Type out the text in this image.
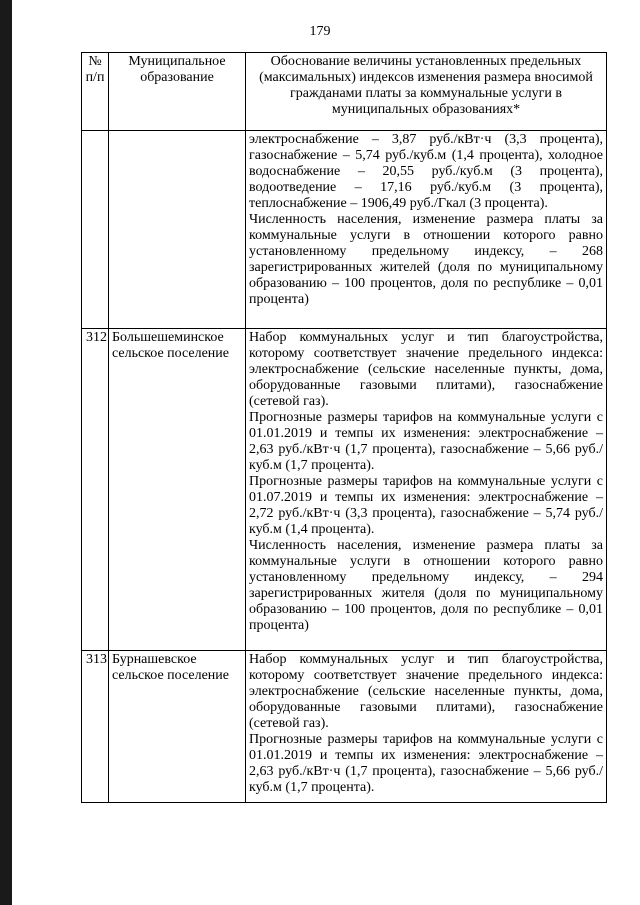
179
№ п/п	Муниципальное образование	Обоснование величины установленных предельных (максимальных) индексов изменения размера вносимой гражданами платы за коммунальные услуги в муниципальных образованиях*

		электроснабжение – 3,87 руб./кВт·ч (3,3 процента), газоснабжение – 5,74 руб./куб.м (1,4 процента), холодное водоснабжение – 20,55 руб./куб.м (3 процента), водоотведение – 17,16 руб./куб.м (3 процента), теплоснабжение – 1906,49 руб./Гкал (3 процента).

Численность населения, изменение размера платы за коммунальные услуги в отношении которого равно установленному предельному индексу, – 268 зарегистрированных жителей (доля по муниципальному образованию – 100 процентов, доля по республике – 0,01 процента)

312	Большешеминское сельское поселение	Набор коммунальных услуг и тип благоустройства, которому соответствует значение предельного индекса: электроснабжение (сельские населенные пункты, дома, оборудованные газовыми плитами), газоснабжение (сетевой газ).

Прогнозные размеры тарифов на коммунальные услуги с 01.01.2019 и темпы их изменения: электроснабжение – 2,63 руб./кВт·ч (1,7 процента), газоснабжение – 5,66 руб./куб.м (1,7 процента).

Прогнозные размеры тарифов на коммунальные услуги с 01.07.2019 и темпы их изменения: электроснабжение – 2,72 руб./кВт·ч (3,3 процента), газоснабжение – 5,74 руб./куб.м (1,4 процента).

Численность населения, изменение размера платы за коммунальные услуги в отношении которого равно установленному предельному индексу, – 294 зарегистрированных жителя (доля по муниципальному образованию – 100 процентов, доля по республике – 0,01 процента)

313	Бурнашевское сельское поселение	Набор коммунальных услуг и тип благоустройства, которому соответствует значение предельного индекса: электроснабжение (сельские населенные пункты, дома, оборудованные газовыми плитами), газоснабжение (сетевой газ).

Прогнозные размеры тарифов на коммунальные услуги с 01.01.2019 и темпы их изменения: электроснабжение – 2,63 руб./кВт·ч (1,7 процента), газоснабжение – 5,66 руб./куб.м (1,7 процента).
